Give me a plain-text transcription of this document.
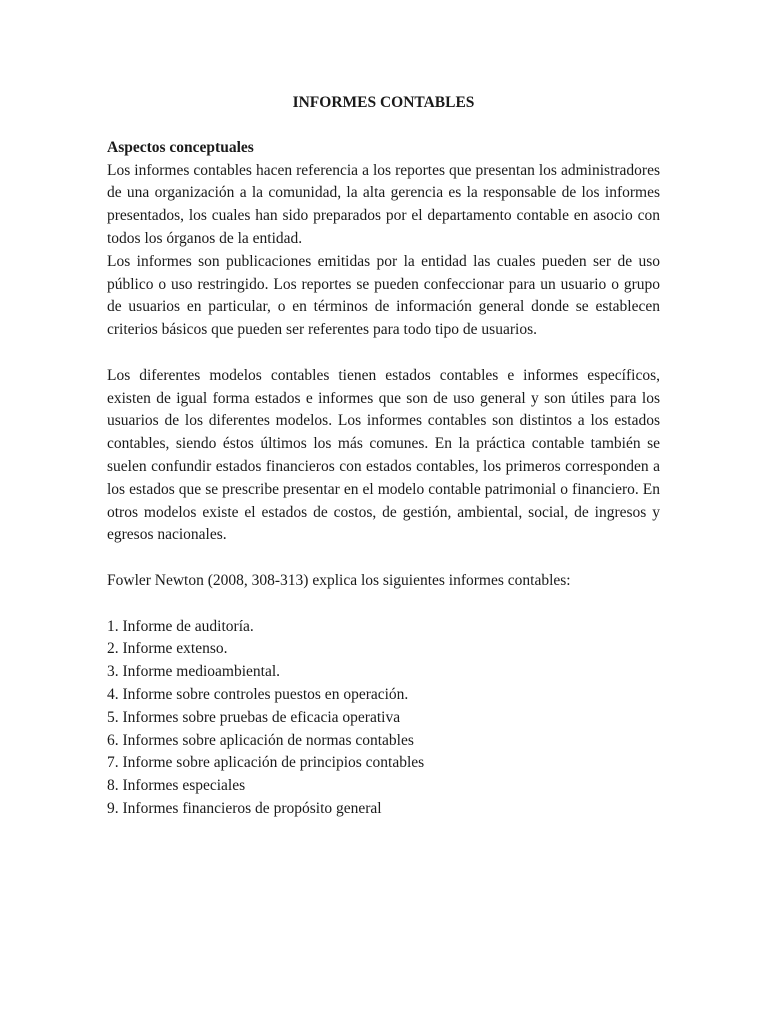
INFORMES CONTABLES
Aspectos conceptuales

Los informes contables hacen referencia a los reportes que presentan los administradores de una organización a la comunidad, la alta gerencia es la responsable de los informes presentados, los cuales han sido preparados por el departamento contable en asocio con todos los órganos de la entidad.

Los informes son publicaciones emitidas por la entidad las cuales pueden ser de uso público o uso restringido. Los reportes se pueden confeccionar para un usuario o grupo de usuarios en particular, o en términos de información general donde se establecen criterios básicos que pueden ser referentes para todo tipo de usuarios.

Los diferentes modelos contables tienen estados contables e informes específicos, existen de igual forma estados e informes que son de uso general y son útiles para los usuarios de los diferentes modelos. Los informes contables son distintos a los estados contables, siendo éstos últimos los más comunes. En la práctica contable también se suelen confundir estados financieros con estados contables, los primeros corresponden a los estados que se prescribe presentar en el modelo contable patrimonial o financiero. En otros modelos existe el estados de costos, de gestión, ambiental, social, de ingresos y egresos nacionales.

Fowler Newton (2008, 308-313) explica los siguientes informes contables:

1. Informe de auditoría.
2. Informe extenso.
3. Informe medioambiental.
4. Informe sobre controles puestos en operación.
5. Informes sobre pruebas de eficacia operativa
6. Informes sobre aplicación de normas contables
7. Informe sobre aplicación de principios contables
8. Informes especiales
9. Informes financieros de propósito general
